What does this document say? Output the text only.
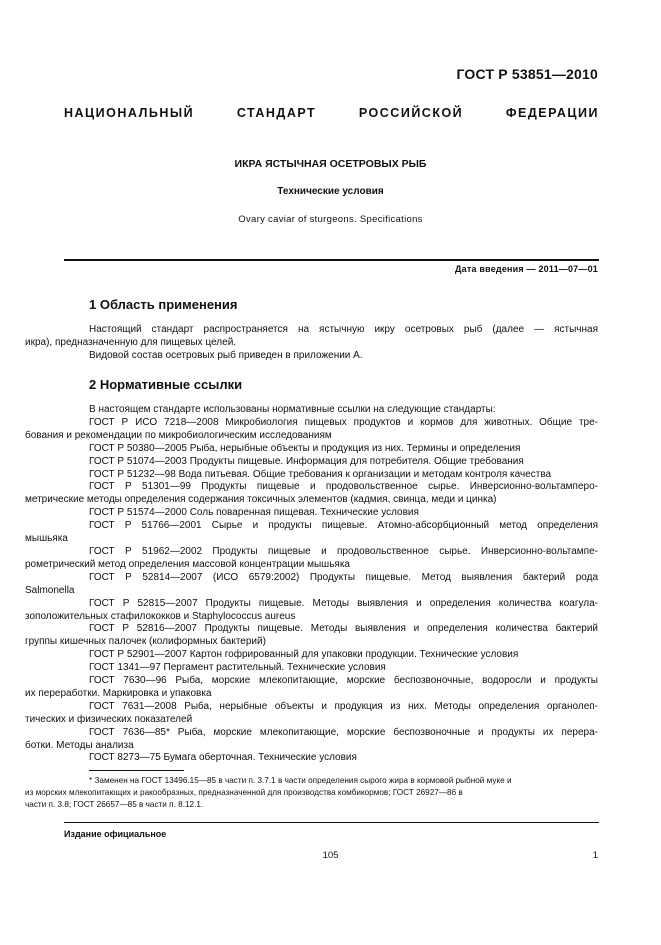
ГОСТ Р 53851—2010
НАЦИОНАЛЬНЫЙ СТАНДАРТ РОССИЙСКОЙ ФЕДЕРАЦИИ
ИКРА ЯСТЫЧНАЯ ОСЕТРОВЫХ РЫБ
Технические условия
Ovary caviar of sturgeons. Specifications
Дата введения — 2011—07—01
1 Область применения
Настоящий стандарт распространяется на ястычную икру осетровых рыб (далее — ястычная
икра), предназначенную для пищевых целей.
Видовой состав осетровых рыб приведен в приложении А.
2 Нормативные ссылки
В настоящем стандарте использованы нормативные ссылки на следующие стандарты:
ГОСТ Р ИСО 7218—2008 Микробиология пищевых продуктов и кормов для животных. Общие тре-
бования и рекомендации по микробиологическим исследованиям
ГОСТ Р 50380—2005 Рыба, нерыбные объекты и продукция из них. Термины и определения
ГОСТ Р 51074—2003 Продукты пищевые. Информация для потребителя. Общие требования
ГОСТ Р 51232—98 Вода питьевая. Общие требования к организации и методам контроля качества
ГОСТ Р 51301—99 Продукты пищевые и продовольственное сырье. Инверсионно-вольтамперо-
метрические методы определения содержания токсичных элементов (кадмия, свинца, меди и цинка)
ГОСТ Р 51574—2000 Соль поваренная пищевая. Технические условия
ГОСТ Р 51766—2001 Сырье и продукты пищевые. Атомно-абсорбционный метод определения
мышьяка
ГОСТ Р 51962—2002 Продукты пищевые и продовольственное сырье. Инверсионно-вольтампе-
рометрический метод определения массовой концентрации мышьяка
ГОСТ Р 52814—2007 (ИСО 6579:2002) Продукты пищевые. Метод выявления бактерий рода
Salmonella
ГОСТ Р 52815—2007 Продукты пищевые. Методы выявления и определения количества коагула-
зоположительных стафилококков и Staphylococcus aureus
ГОСТ Р 52816—2007 Продукты пищевые. Методы выявления и определения количества бактерий
группы кишечных палочек (колиформных бактерий)
ГОСТ Р 52901—2007 Картон гофрированный для упаковки продукции. Технические условия
ГОСТ 1341—97 Пергамент растительный. Технические условия
ГОСТ 7630—96 Рыба, морские млекопитающие, морские беспозвоночные, водоросли и продукты
их переработки. Маркировка и упаковка
ГОСТ 7631—2008 Рыба, нерыбные объекты и продукция из них. Методы определения органолеп-
тических и физических показателей
ГОСТ 7636—85* Рыба, морские млекопитающие, морские беспозвоночные и продукты их перера-
ботки. Методы анализа
ГОСТ 8273—75 Бумага оберточная. Технические условия
* Заменен на ГОСТ 13496.15—85 в части п. 3.7.1 в части определения сырого жира в кормовой рыбной муке и
из морских млекопитающих и ракообразных, предназначенной для производства комбикормов; ГОСТ 26927—86 в
части п. 3.8; ГОСТ 26657—85 в части п. 8.12.1.
Издание официальное
105	1
